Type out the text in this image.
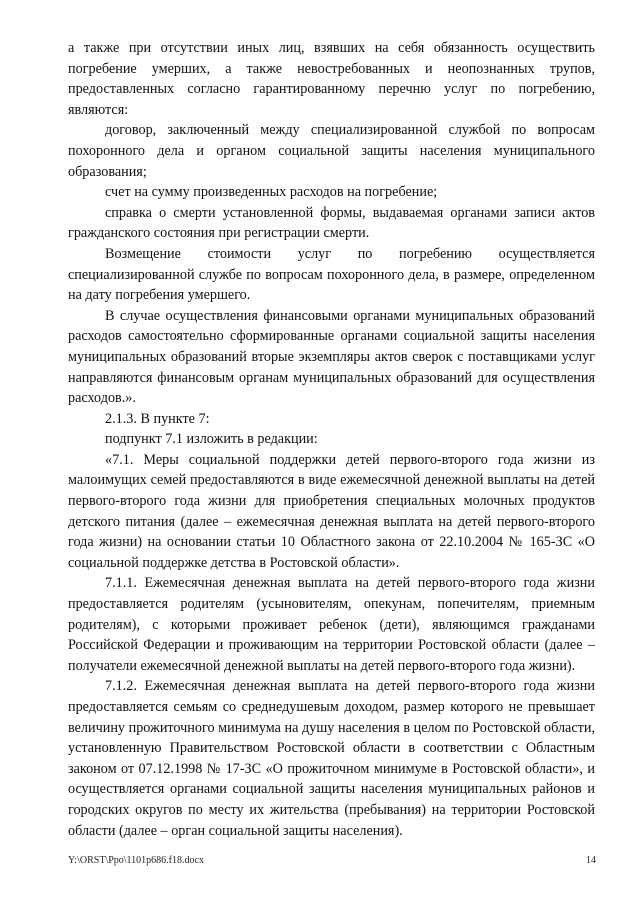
а также при отсутствии иных лиц, взявших на себя обязанность осуществить погребение умерших, а также невостребованных и неопознанных трупов, предоставленных согласно гарантированному перечню услуг по погребению, являются:

договор, заключенный между специализированной службой по вопросам похоронного дела и органом социальной защиты населения муниципального образования;

счет на сумму произведенных расходов на погребение;

справка о смерти установленной формы, выдаваемая органами записи актов гражданского состояния при регистрации смерти.

Возмещение стоимости услуг по погребению осуществляется специализированной службе по вопросам похоронного дела, в размере, определенном на дату погребения умершего.

В случае осуществления финансовыми органами муниципальных образований расходов самостоятельно сформированные органами социальной защиты населения муниципальных образований вторые экземпляры актов сверок с поставщиками услуг направляются финансовым органам муниципальных образований для осуществления расходов.».

2.1.3. В пункте 7:

подпункт 7.1 изложить в редакции:

«7.1. Меры социальной поддержки детей первого-второго года жизни из малоимущих семей предоставляются в виде ежемесячной денежной выплаты на детей первого-второго года жизни для приобретения специальных молочных продуктов детского питания (далее – ежемесячная денежная выплата на детей первого-второго года жизни) на основании статьи 10 Областного закона от 22.10.2004 № 165-ЗС «О социальной поддержке детства в Ростовской области».

7.1.1. Ежемесячная денежная выплата на детей первого-второго года жизни предоставляется родителям (усыновителям, опекунам, попечителям, приемным родителям), с которыми проживает ребенок (дети), являющимся гражданами Российской Федерации и проживающим на территории Ростовской области (далее – получатели ежемесячной денежной выплаты на детей первого-второго года жизни).

7.1.2. Ежемесячная денежная выплата на детей первого-второго года жизни предоставляется семьям со среднедушевым доходом, размер которого не превышает величину прожиточного минимума на душу населения в целом по Ростовской области, установленную Правительством Ростовской области в соответствии с Областным законом от 07.12.1998 № 17-ЗС «О прожиточном минимуме в Ростовской области», и осуществляется органами социальной защиты населения муниципальных районов и городских округов по месту их жительства (пребывания) на территории Ростовской области (далее – орган социальной защиты населения).

Y:\ORST\Ppo\1101p686.f18.docx	14
